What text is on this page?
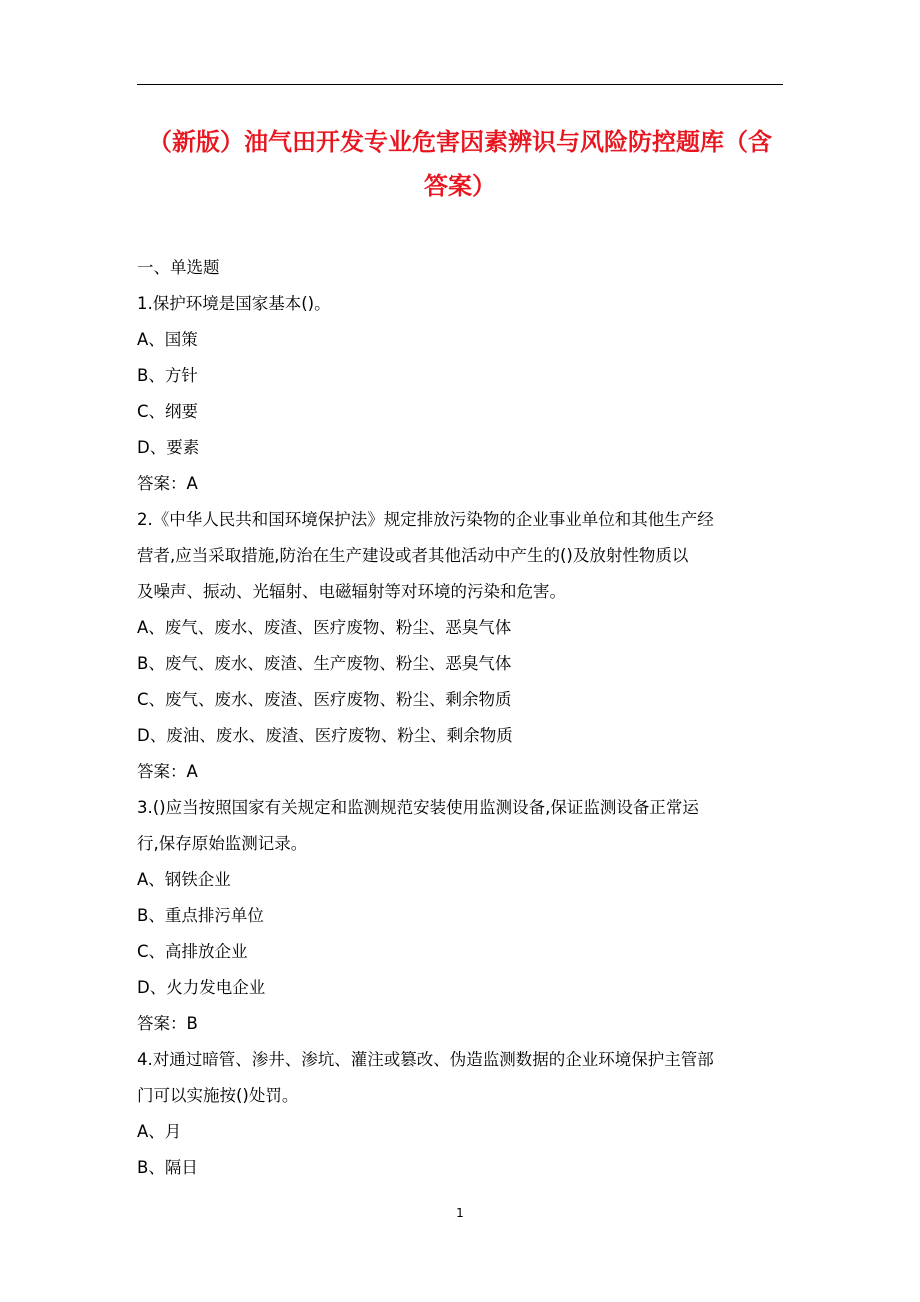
（新版）油气田开发专业危害因素辨识与风险防控题库（含
答案）
一、单选题
1.保护环境是国家基本()。
A、国策
B、方针
C、纲要
D、要素
答案：A
2.《中华人民共和国环境保护法》规定排放污染物的企业事业单位和其他生产经
营者,应当采取措施,防治在生产建设或者其他活动中产生的()及放射性物质以
及噪声、振动、光辐射、电磁辐射等对环境的污染和危害。
A、废气、废水、废渣、医疗废物、粉尘、恶臭气体
B、废气、废水、废渣、生产废物、粉尘、恶臭气体
C、废气、废水、废渣、医疗废物、粉尘、剩余物质
D、废油、废水、废渣、医疗废物、粉尘、剩余物质
答案：A
3.()应当按照国家有关规定和监测规范安装使用监测设备,保证监测设备正常运
行,保存原始监测记录。
A、钢铁企业
B、重点排污单位
C、高排放企业
D、火力发电企业
答案：B
4.对通过暗管、渗井、渗坑、灌注或篡改、伪造监测数据的企业环境保护主管部
门可以实施按()处罚。
A、月
B、隔日
1
